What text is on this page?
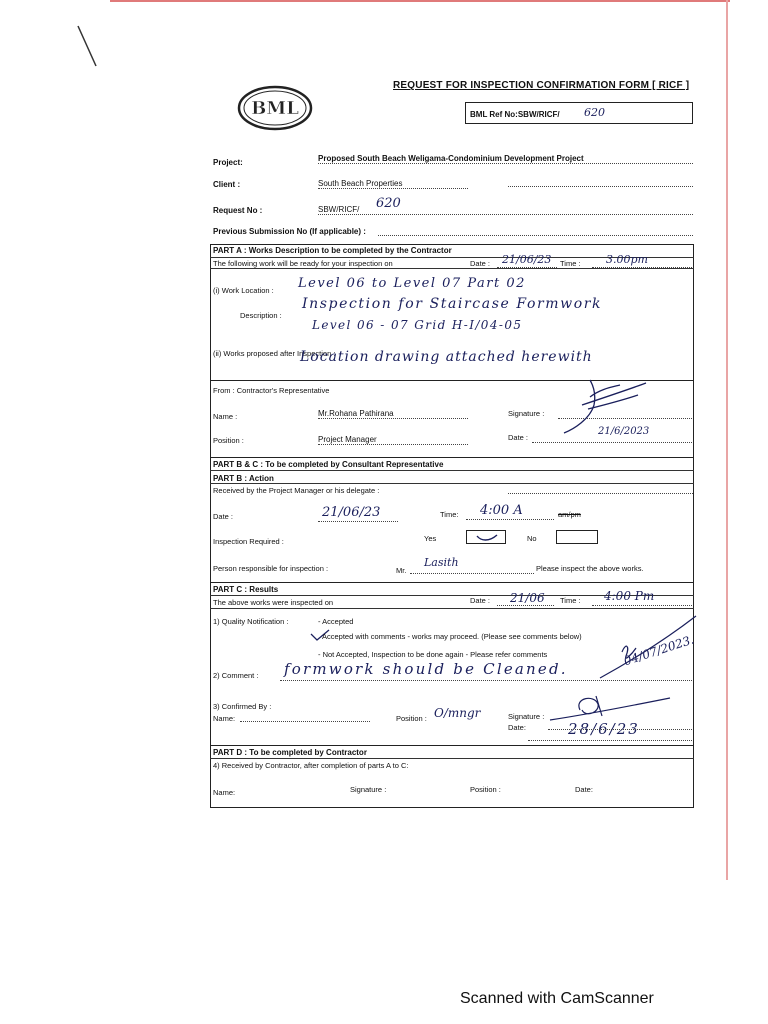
BML
REQUEST FOR INSPECTION CONFIRMATION FORM [ RICF ]
BML Ref No:SBW/RICF/ 620
Project:	Proposed South Beach Weligama-Condominium Development Project
Client :	South Beach Properties
Request No :	SBW/RICF/ 620
Previous Submission No (If applicable) :
PART A : Works Description to be completed by the Contractor
The following work will be ready for your inspection on	Date : 21/06/23 Time : 3.00pm
(i) Work Location : Level 06 to Level 07 Part 02
Description :
Inspection for Staircase Formwork
Level 06 - 07 Grid H-I/04-05
(ii) Works proposed after Inspection :
Location drawing attached herewith
From : Contractor's Representative
Name :	Mr.Rohana Pathirana	Signature :
Position :	Project Manager	Date :
21/6/2023
PART B & C : To be completed by Consultant Representative
PART B : Action
Received by the Project Manager or his delegate :
Date :	21/06/23	Time: 4:00 A	am/pm
Inspection Required :	Yes	No
Person responsible for inspection :	Mr.
Lasith	Please inspect the above works.
PART C : Results
The above works were inspected on	Date : 21/06 Time : 4:00 Pm
1) Quality Notification :	- Accepted
Accepted with comments - works may proceed. (Please see comments below)
- Not Accepted, Inspection to be done again - Please refer comments
2) Comment : formwork should be Cleaned.
04/07/2023.
3) Confirmed By :
Name:	Position : O/mngr	Signature :
Date:	28/6/23
PART D : To be completed by Contractor
4) Received by Contractor, after completion of parts A to C:
Name:	Signature :	Position :	Date:
Scanned with CamScanner
